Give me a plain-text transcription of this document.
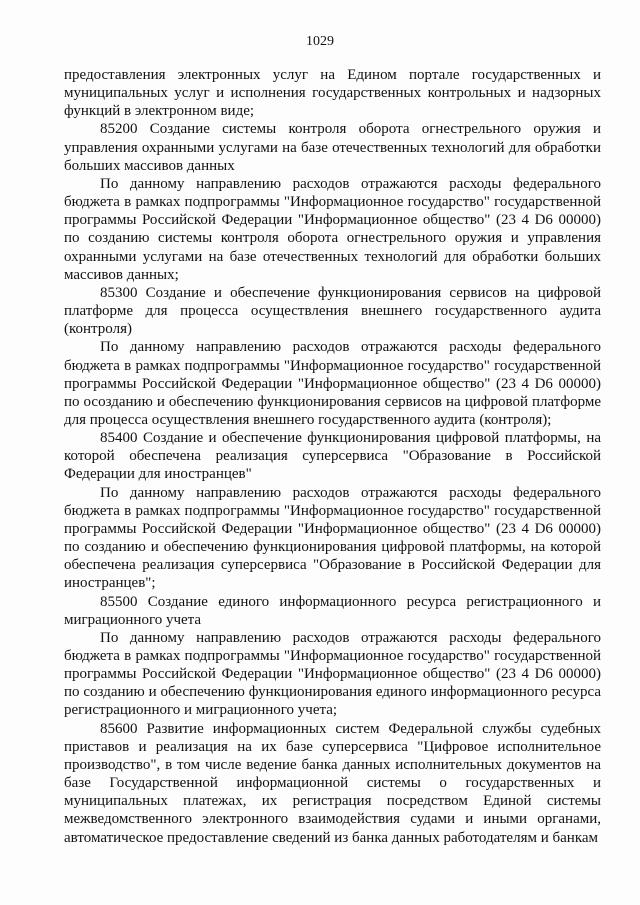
1029

предоставления электронных услуг на Едином портале государственных и муниципальных услуг и исполнения государственных контрольных и надзорных функций в электронном виде;

85200 Создание системы контроля оборота огнестрельного оружия и управления охранными услугами на базе отечественных технологий для обработки больших массивов данных

По данному направлению расходов отражаются расходы федерального бюджета в рамках подпрограммы "Информационное государство" государственной программы Российской Федерации "Информационное общество" (23 4 D6 00000) по созданию системы контроля оборота огнестрельного оружия и управления охранными услугами на базе отечественных технологий для обработки больших массивов данных;

85300 Создание и обеспечение функционирования сервисов на цифровой платформе для процесса осуществления внешнего государственного аудита (контроля)

По данному направлению расходов отражаются расходы федерального бюджета в рамках подпрограммы "Информационное государство" государственной программы Российской Федерации "Информационное общество" (23 4 D6 00000) по осозданию и обеспечению функционирования сервисов на цифровой платформе для процесса осуществления внешнего государственного аудита (контроля);

85400 Создание и обеспечение функционирования цифровой платформы, на которой обеспечена реализация суперсервиса "Образование в Российской Федерации для иностранцев"

По данному направлению расходов отражаются расходы федерального бюджета в рамках подпрограммы "Информационное государство" государственной программы Российской Федерации "Информационное общество" (23 4 D6 00000) по созданию и обеспечению функционирования цифровой платформы, на которой обеспечена реализация суперсервиса "Образование в Российской Федерации для иностранцев";

85500 Создание единого информационного ресурса регистрационного и миграционного учета

По данному направлению расходов отражаются расходы федерального бюджета в рамках подпрограммы "Информационное государство" государственной программы Российской Федерации "Информационное общество" (23 4 D6 00000) по созданию и обеспечению функционирования единого информационного ресурса регистрационного и миграционного учета;

85600 Развитие информационных систем Федеральной службы судебных приставов и реализация на их базе суперсервиса "Цифровое исполнительное производство", в том числе ведение банка данных исполнительных документов на базе Государственной информационной системы о государственных и муниципальных платежах, их регистрация посредством Единой системы межведомственного электронного взаимодействия судами и иными органами, автоматическое предоставление сведений из банка данных работодателям и банкам
